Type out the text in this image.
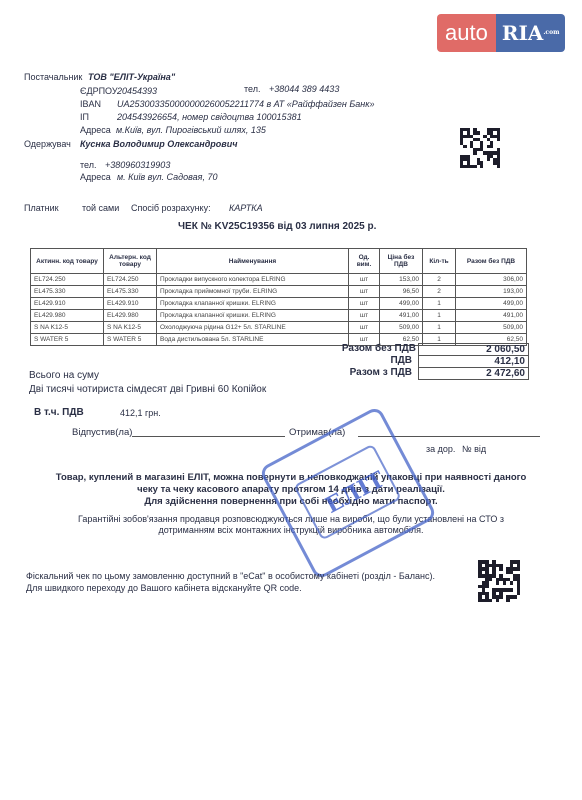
auto $RIA^{.com}$
Постачальник ТОВ "ЕЛІТ-Україна"
ЄДРПОУ 20454393	тел. +38044 389 4433
IBAN UA253003350000000260052211774 в АТ «Райффайзен Банк»
ІП	204543926654, номер свідоцтва 100015381
Адреса м.Київ, вул. Пирогівський шлях, 135
Одержувач Куснка Володимир Олександрович
тел. +380960319903
Адреса м. Київ вул. Садовая, 70
Платник	той сами Спосіб розрахунку: КАРТКА
ЧЕК № KV25C19356 від 03 липня 2025 р.
Актинн. код товару	Альтерн. код товару	Найменування	Од. вим.	Ціна без ПДВ	Кіл-ть	Разом без ПДВ
EL724.250	EL724.250	Прокладки випускного колектора ELRING	шт	153,00	2	306,00
EL475.330	EL475.330	Прокладка приймомної труби. ELRING	шт	96,50	2	193,00
EL429.910	EL429.910	Прокладка клапанної кришки. ELRING	шт	499,00	1	499,00
EL429.980	EL429.980	Прокладка клапанної кришки. ELRING	шт	491,00	1	491,00
S NA K12-5	S NA K12-5	Охолоджуюча рідина G12+ 5л. STARLINE	шт	509,00	1	509,00
S WATER 5	S WATER 5	Вода дистильована 5л. STARLINE	шт	62,50	1	62,50
Разом без ПДВ	2 060,50
ПДВ	412,10
Разом з ПДВ	2 472,60
Всього на суму
Дві тисячі чотириста сімдесят дві Гривні 60 Копійок
В т.ч. ПДВ	412,1 грн.
Відпустив(ла)	Отримав(ла)
за дор. № від
Товар, куплений в магазині ЕЛІТ, можна повернути в неповкоджаній упаковці при наявності даного
чеку та чеку касового апарату протягом 14 днів з дати реалізації.
Для здійснення повернення при собі необхідно мати паспорт.
Гарантійні зобов'язання продавця розповсюджуються лише на вироби, що були установлені на СТО з
дотриманням всіх монтажних інструкцій виробника автомобіля.
ЕЛІТ
Фіскальний чек по цьому замовленню доступний в "eCat" в особистому кабінеті (розділ - Баланс).
Для швидкого переходу до Вашого кабінета відскануйте QR code.
